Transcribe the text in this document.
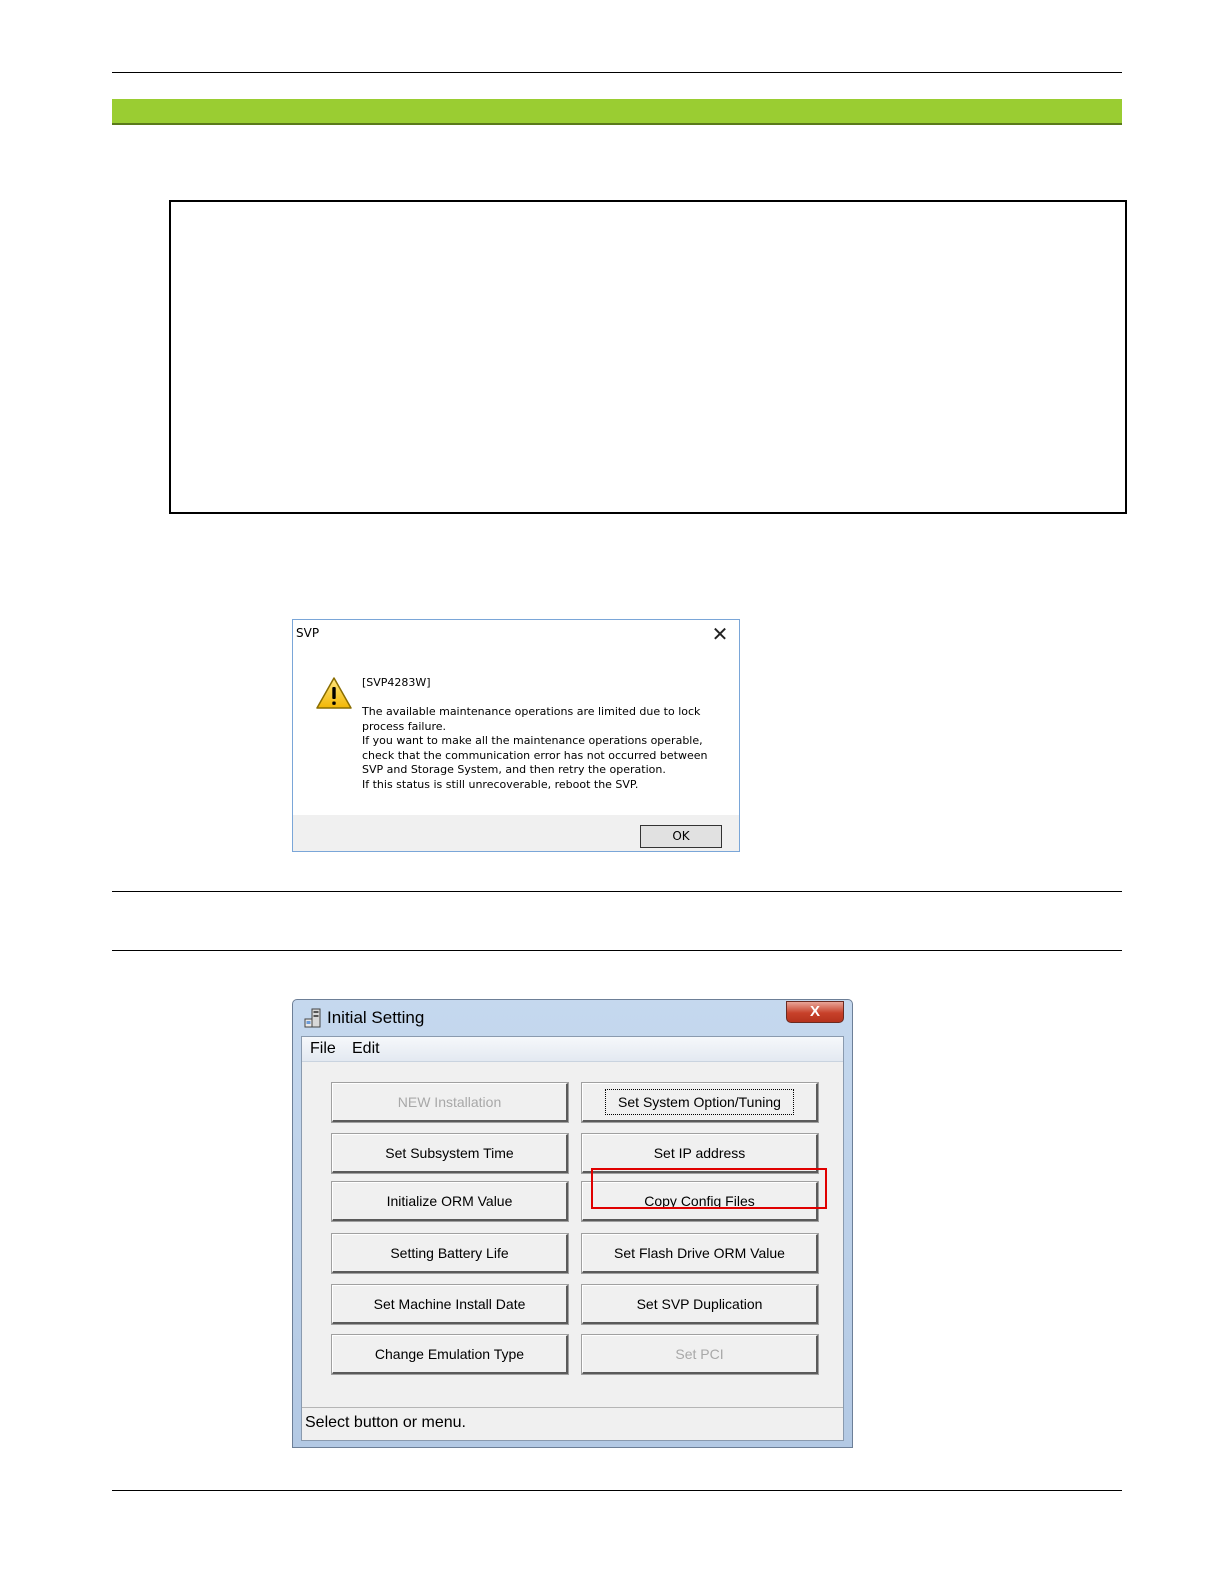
SVP	✕
[SVP4283W]
The available maintenance operations are limited due to lock
process failure.
If you want to make all the maintenance operations operable,
check that the communication error has not occurred between
SVP and Storage System, and then retry the operation.
If this status is still unrecoverable, reboot the SVP.
OK
Initial Setting	X
File Edit
NEW Installation	Set System Option/Tuning
Set Subsystem Time	Set IP address
Initialize ORM Value	Copy Config Files
Setting Battery Life	Set Flash Drive ORM Value
Set Machine Install Date	Set SVP Duplication
Change Emulation Type	Set PCI
Select button or menu.
